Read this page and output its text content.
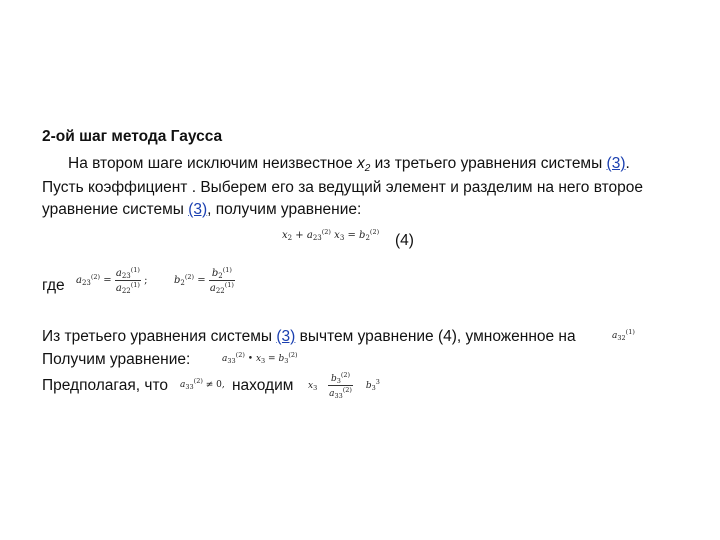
2-ой шаг метода Гаусса
На втором шаге исключим неизвестное $x_2$ из третьего уравнения системы (3).
Пусть коэффициент . Выберем его за ведущий элемент и разделим на него второе
уравнение системы (3), получим уравнение:
$x_2 + a_{23}^{(2)}$ $x_3 = b_2^{(2)}$ (4)
где $a_{23}^{(2)} = \frac{a_{23}^{(1)}}{a_{22}^{(1)}}$ ;	$b_2^{(2)} = \frac{b_2^{(1)}}{a_{22}^{(1)}}$
Из третьего уравнения системы (3) вычтем уравнение (4), умноженное на	$a_{32}^{(1)}$
Получим уравнение:	$a_{33}^{(2)}$ • $x_3 = b_3^{(2)}$
Предполагая, что $a_{33}^{(2)} \ne 0$, находим $x_3 \frac{b_3^{(2)}}{a_{33}^{(2)}} b_3^3$
